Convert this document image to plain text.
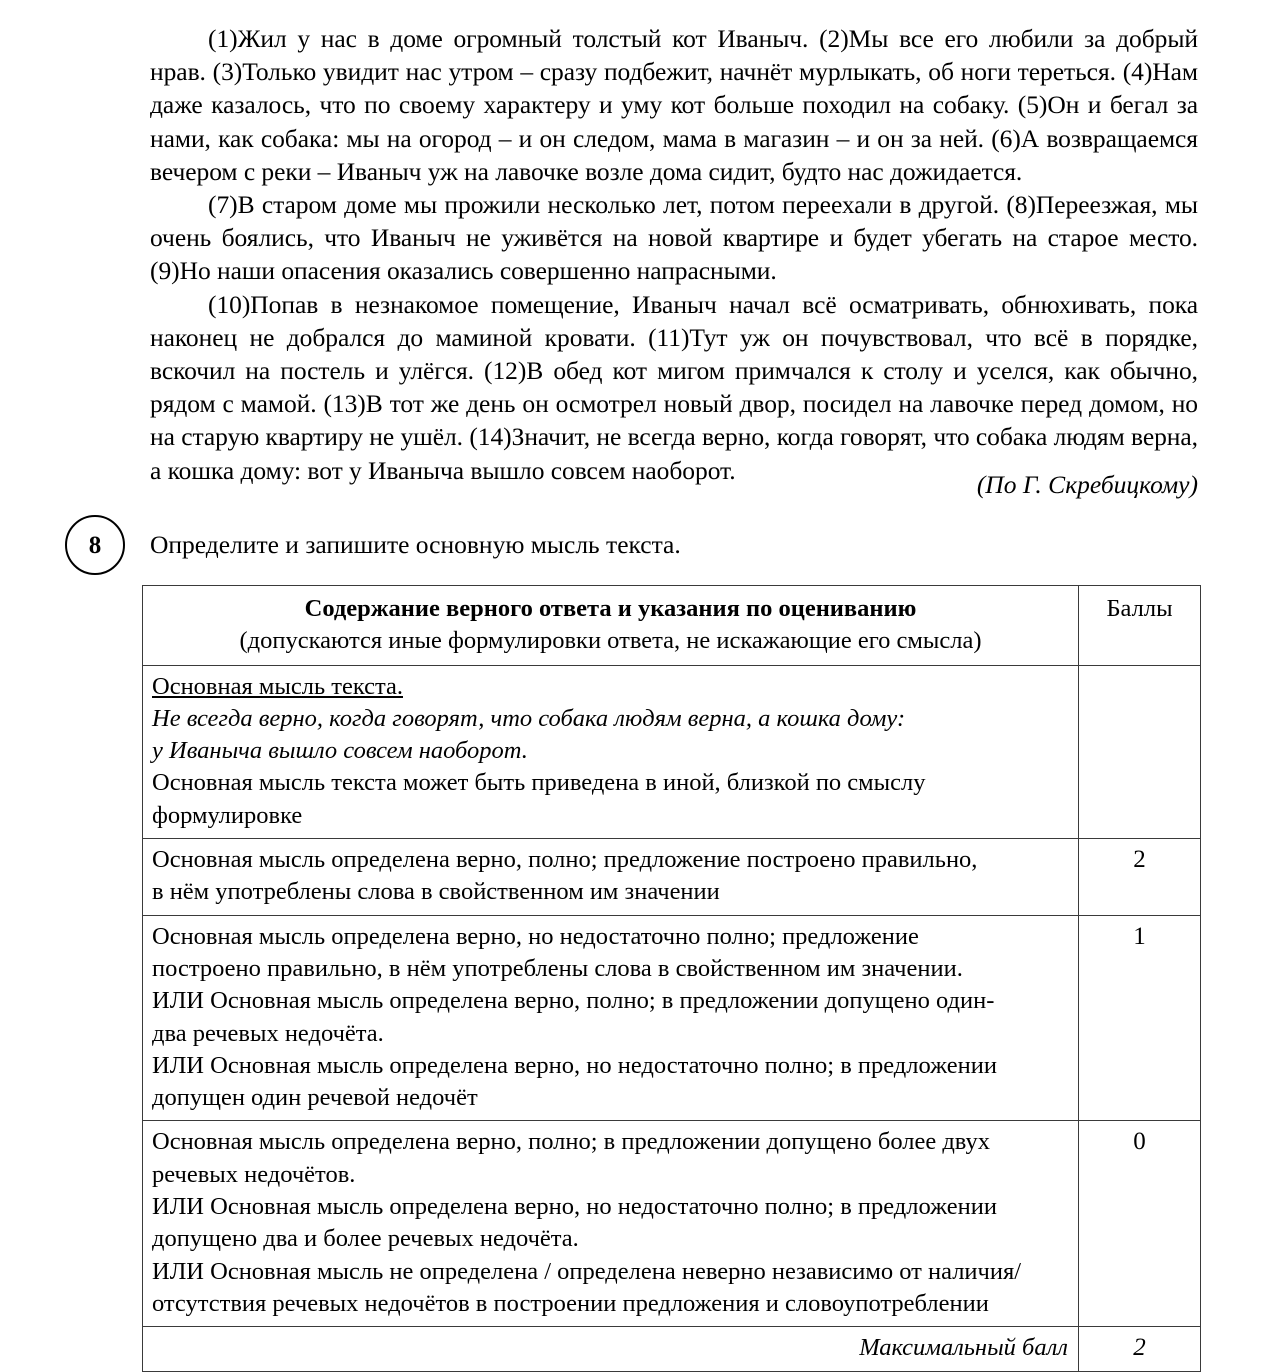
(1)Жил у нас в доме огромный толстый кот Иваныч. (2)Мы все его любили за добрый нрав. (3)Только увидит нас утром – сразу подбежит, начнёт мурлыкать, об ноги тереться. (4)Нам даже казалось, что по своему характеру и уму кот больше походил на собаку. (5)Он и бегал за нами, как собака: мы на огород – и он следом, мама в магазин – и он за ней. (6)А возвращаемся вечером с реки – Иваныч уж на лавочке возле дома сидит, будто нас дожидается.

(7)В старом доме мы прожили несколько лет, потом переехали в другой. (8)Переезжая, мы очень боялись, что Иваныч не уживётся на новой квартире и будет убегать на старое место. (9)Но наши опасения оказались совершенно напрасными.

(10)Попав в незнакомое помещение, Иваныч начал всё осматривать, обнюхивать, пока наконец не добрался до маминой кровати. (11)Тут уж он почувствовал, что всё в порядке, вскочил на постель и улёгся. (12)В обед кот мигом примчался к столу и уселся, как обычно, рядом с мамой. (13)В тот же день он осмотрел новый двор, посидел на лавочке перед домом, но на старую квартиру не ушёл. (14)Значит, не всегда верно, когда говорят, что собака людям верна, а кошка дому: вот у Иваныча вышло совсем наоборот.	(По Г. Скребицкому)
8	Определите и запишите основную мысль текста.
Содержание верного ответа и указания по оцениванию
(допускаются иные формулировки ответа, не искажающие его смысла)	Баллы

Основная мысль текста.
Не всегда верно, когда говорят, что собака людям верна, а кошка дому:
у Иваныча вышло совсем наоборот.
Основная мысль текста может быть приведена в иной, близкой по смыслу
формулировке	

Основная мысль определена верно, полно; предложение построено правильно,
в нём употреблены слова в свойственном им значении	2

Основная мысль определена верно, но недостаточно полно; предложение
построено правильно, в нём употреблены слова в свойственном им значении.
ИЛИ Основная мысль определена верно, полно; в предложении допущено один-
два речевых недочёта.
ИЛИ Основная мысль определена верно, но недостаточно полно; в предложении
допущен один речевой недочёт
	1

Основная мысль определена верно, полно; в предложении допущено более двух
речевых недочётов.
ИЛИ Основная мысль определена верно, но недостаточно полно; в предложении
допущено два и более речевых недочёта.
ИЛИ Основная мысль не определена / определена неверно независимо от наличия/
отсутствия речевых недочётов в построении предложения и словоупотреблении
	0
Максимальный балл	2
